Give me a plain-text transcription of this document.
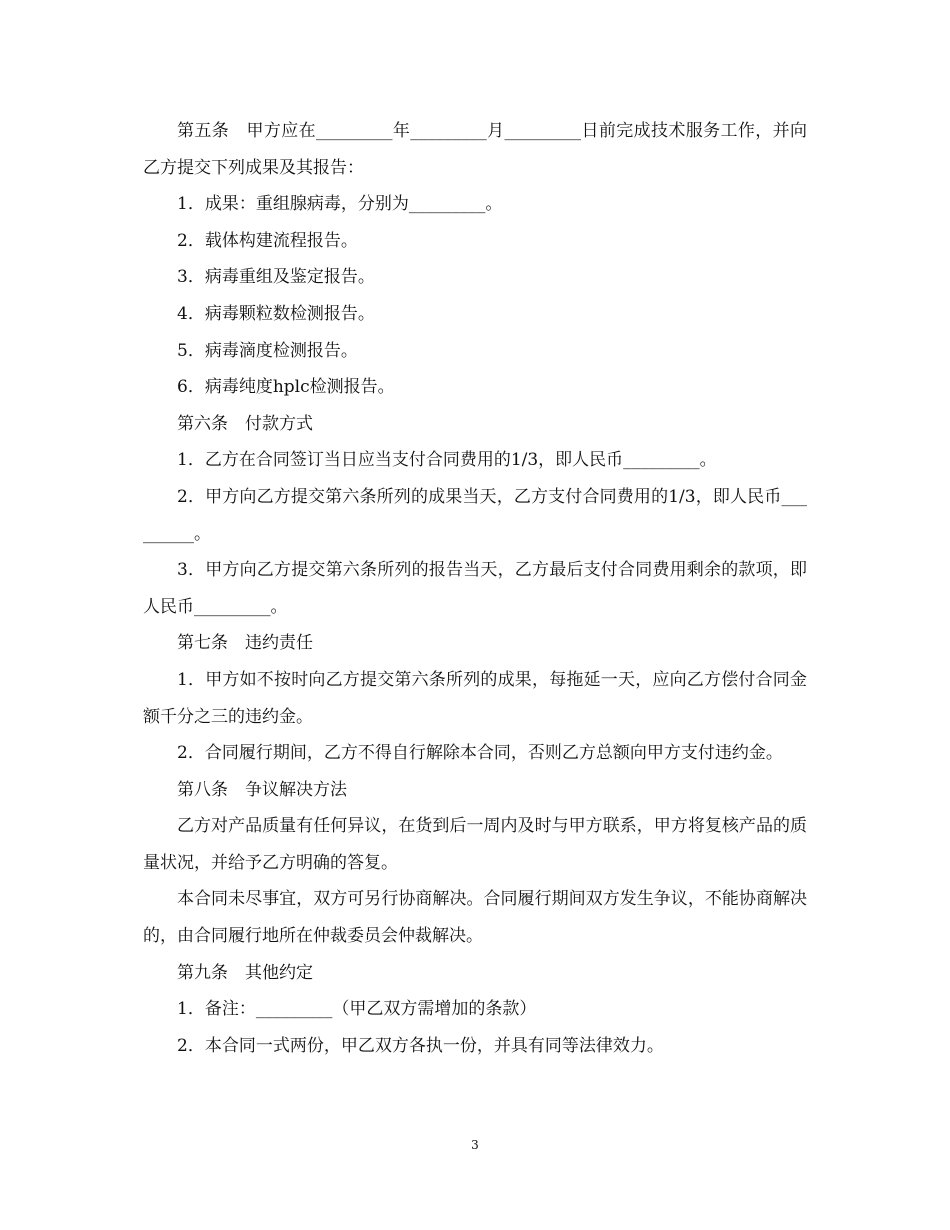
第五条　甲方应在_________年_________月_________日前完成技术服务工作，并向乙方提交下列成果及其报告：

1．成果：重组腺病毒，分别为_________。

2．载体构建流程报告。

3．病毒重组及鉴定报告。

4．病毒颗粒数检测报告。

5．病毒滴度检测报告。

6．病毒纯度hplc检测报告。

第六条　付款方式

1．乙方在合同签订当日应当支付合同费用的1/3，即人民币_________。

2．甲方向乙方提交第六条所列的成果当天，乙方支付合同费用的1/3，即人民币_________。

3．甲方向乙方提交第六条所列的报告当天，乙方最后支付合同费用剩余的款项，即人民币_________。

第七条　违约责任

1．甲方如不按时向乙方提交第六条所列的成果，每拖延一天，应向乙方偿付合同金额千分之三的违约金。

2．合同履行期间，乙方不得自行解除本合同，否则乙方总额向甲方支付违约金。

第八条　争议解决方法

乙方对产品质量有任何异议，在货到后一周内及时与甲方联系，甲方将复核产品的质量状况，并给予乙方明确的答复。

本合同未尽事宜，双方可另行协商解决。合同履行期间双方发生争议，不能协商解决的，由合同履行地所在仲裁委员会仲裁解决。

第九条　其他约定

1．备注：_________（甲乙双方需增加的条款）

2．本合同一式两份，甲乙双方各执一份，并具有同等法律效力。

3
